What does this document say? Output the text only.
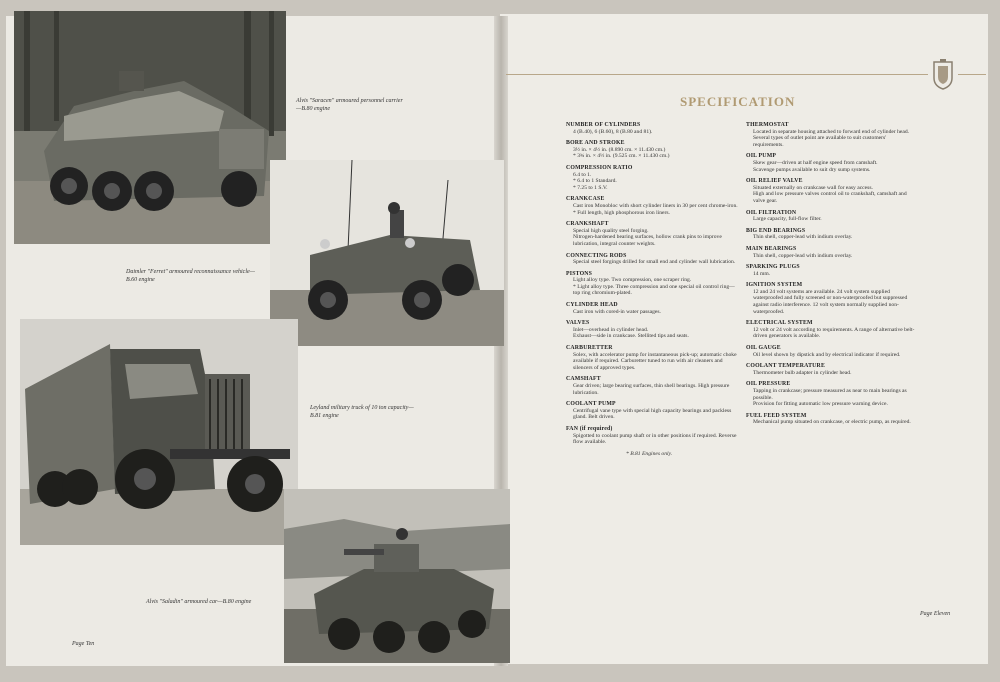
Alvis "Saracen" armoured personnel carrier—B.80 engine
Daimler "Ferret" armoured reconnaissance vehicle—B.60 engine
Leyland military truck of 10 ton capacity—B.81 engine
Alvis "Saladin" armoured car—B.80 engine
Page Ten
SPECIFICATION
NUMBER OF CYLINDERS
4 (B.40), 6 (B.60), 8 (B.80 and 81).
BORE AND STROKE
3½ in. × 4½ in. (8.890 cm. × 11.430 cm.)
* 3¾ in. × 4½ in. (9.525 cm. × 11.430 cm.)
COMPRESSION RATIO
6.4 to 1.
* 6.4 to 1 Standard.
* 7.25 to 1 S.V.
CRANKCASE
Cast iron Monobloc with short cylinder liners in 30 per cent chrome-iron.
* Full length, high phosphorous iron liners.
CRANKSHAFT
Special high quality steel forging.
Nitrogen-hardened bearing surfaces, hollow crank pins to improve lubrication, integral counter weights.
CONNECTING RODS
Special steel forgings drilled for small end and cylinder wall lubrication.
PISTONS
Light alloy type. Two compression, one scraper ring.
* Light alloy type. Three compression and one special oil control ring—top ring chromium-plated.
CYLINDER HEAD
Cast iron with cored-in water passages.
VALVES
Inlet—overhead in cylinder head.
Exhaust—side in crankcase. Stellited tips and seats.
CARBURETTER
Solex, with accelerator pump for instantaneous pick-up; automatic choke available if required. Carburetter tuned to run with air cleaners and silencers of approved types.
CAMSHAFT
Gear driven; large bearing surfaces, thin shell bearings. High pressure lubrication.
COOLANT PUMP
Centrifugal vane type with special high capacity bearings and packless gland. Belt driven.
FAN (if required)
Spigotted to coolant pump shaft or in other positions if required. Reverse flow available.
* B.81 Engines only.
THERMOSTAT
Located in separate housing attached to forward end of cylinder head. Several types of outlet point are available to suit customers' requirements.
OIL PUMP
Skew gear—driven at half engine speed from camshaft.
Scavenge pumps available to suit dry sump systems.
OIL RELIEF VALVE
Situated externally on crankcase wall for easy access.
High and low pressure valves control oil to crankshaft, camshaft and valve gear.
OIL FILTRATION
Large capacity, full-flow filter.
BIG END BEARINGS
Thin shell, copper-lead with indium overlay.
MAIN BEARINGS
Thin shell, copper-lead with indium overlay.
SPARKING PLUGS
14 mm.
IGNITION SYSTEM
12 and 24 volt systems are available. 24 volt system supplied waterproofed and fully screened or non-waterproofed but suppressed against radio interference. 12 volt system normally supplied non-waterproofed.
ELECTRICAL SYSTEM
12 volt or 24 volt according to requirements. A range of alternative belt-driven generators is available.
OIL GAUGE
Oil level shown by dipstick and by electrical indicator if required.
COOLANT TEMPERATURE
Thermometer bulb adapter in cylinder head.
OIL PRESSURE
Tapping in crankcase; pressure measured as near to main bearings as possible.
Provision for fitting automatic low pressure warning device.
FUEL FEED SYSTEM
Mechanical pump situated on crankcase, or electric pump, as required.
Page Eleven
